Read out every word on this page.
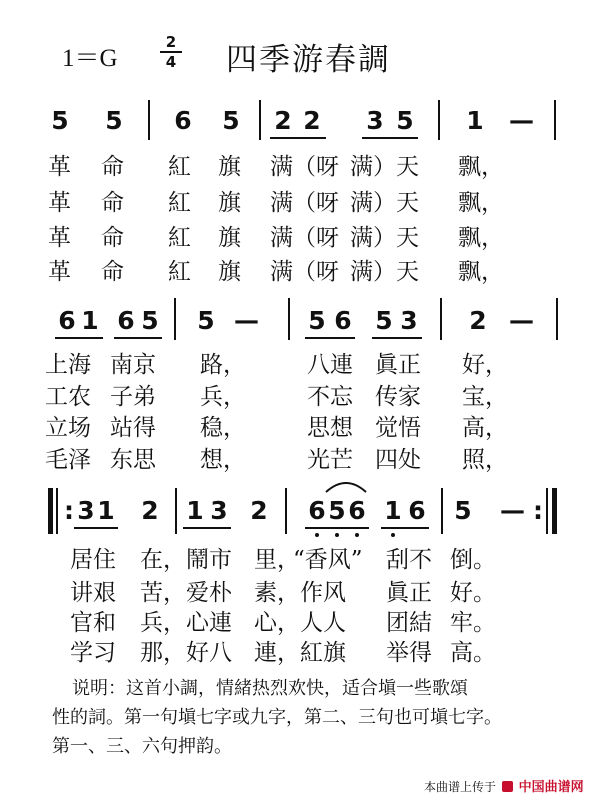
1＝G
2
4 四季游春調
5 5 6 5 2 2 3 5 1 —
革 命 紅 旗 满（呀 满）天 飘，
革 命 紅 旗 满（呀 满）天 飘，
革 命 紅 旗 满（呀 满）天 飘，
革 命 紅 旗 满（呀 满）天 飘，
6 1 6 5 5 — 5 6 5 3 2 —
上海 南京 路，	八連 眞正 好，
工农 子弟 兵，	不忘 传家 宝，
立场 站得 稳，	思想 觉悟 高，
毛泽 东思 想，	光芒 四处 照，
: 3 1 2 1 3 2 6 5 6 1 6 5 — :
居住 在， 鬧市 里，
“香风” 刮不 倒。
讲艰 苦， 爱朴 素， 作风 眞正 好。
官和 兵， 心連 心， 人人 团結 牢。
学习 那， 好八 連， 紅旗 举得 高。
说明：这首小調，情緒热烈欢快，适合塡一些歌頌
性的詞。第一句塡七字或九字，第二、三句也可塡七字。
第一、三、六句押韵。
本曲谱上传于 中国曲谱网
